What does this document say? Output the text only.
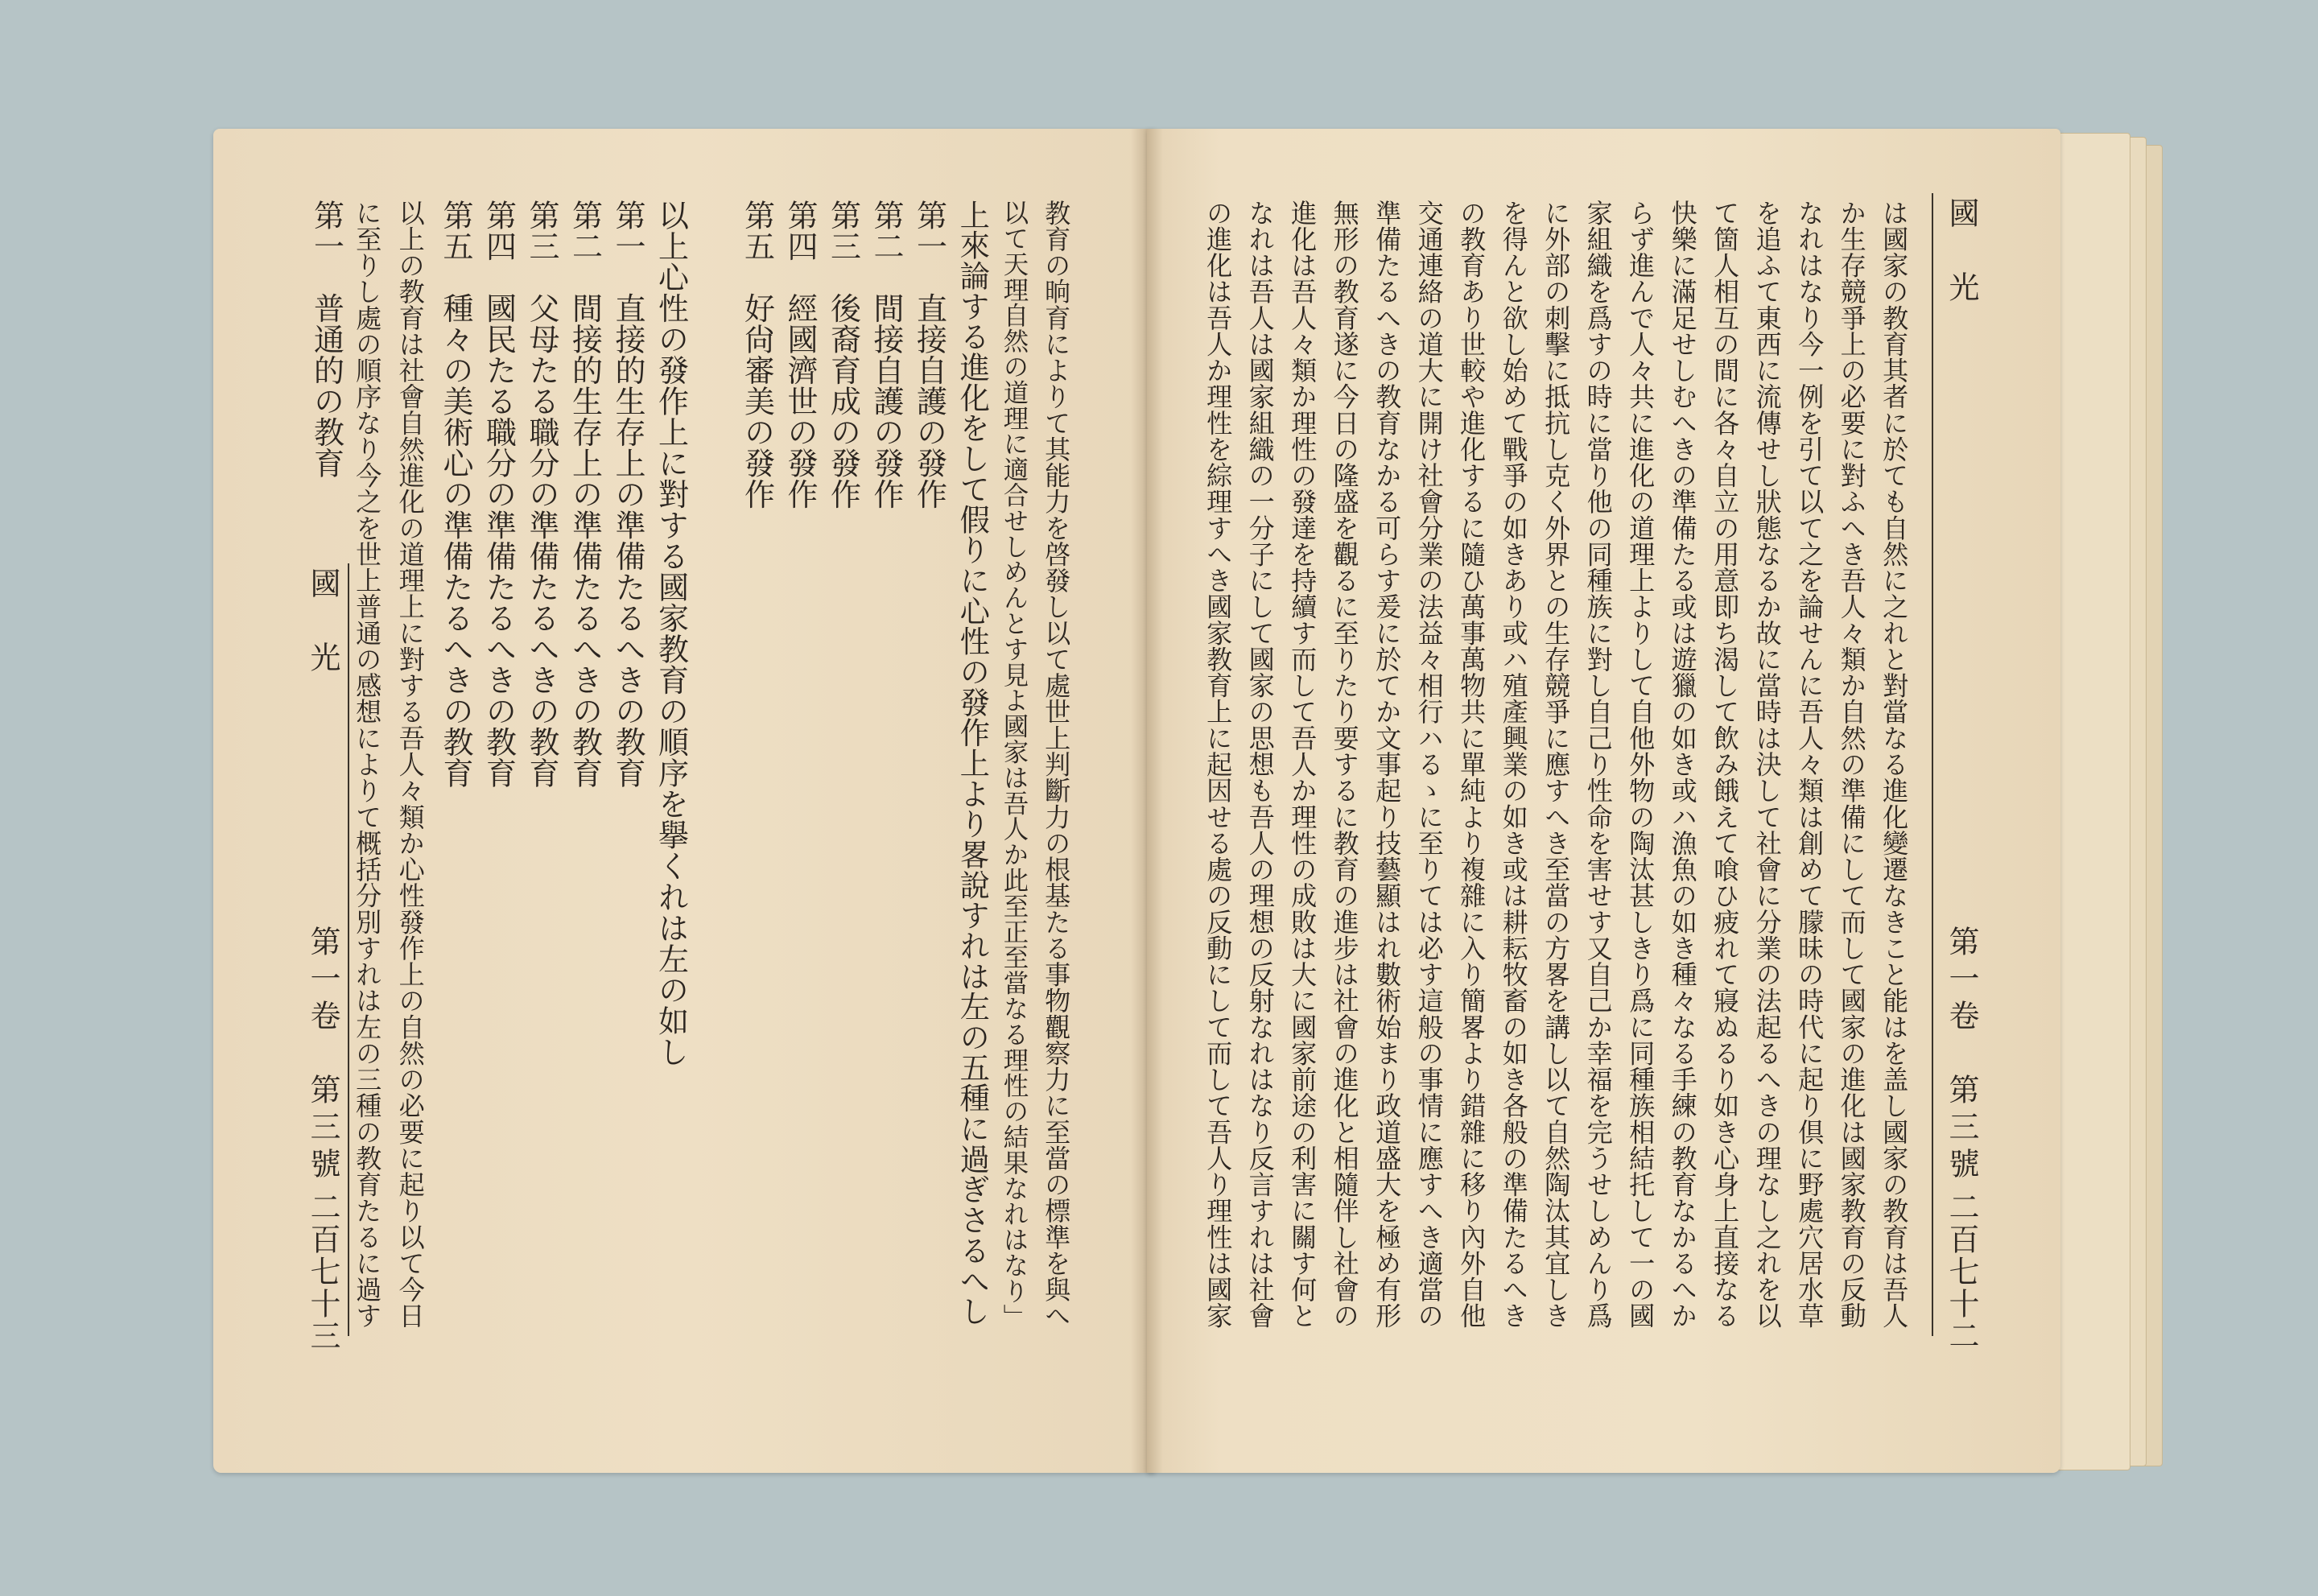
國　光
第一卷　第三號
二百七十二
國　光
第一卷　第三號
二百七十三	は國家の教育其者に於ても自然に之れと對當なる進化變遷なきこと能はを盖し國家の教育は吾人
か生存競爭上の必要に對ふへき吾人々類か自然の準備にして而して國家の進化は國家教育の反動
なれはなり今一例を引て以て之を論せんに吾人々類は創めて朦昧の時代に起り倶に野處穴居水草
を追ふて東西に流傳せし狀態なるか故に當時は決して社會に分業の法起るへきの理なし之れを以
て箇人相互の間に各々自立の用意即ち渴して飲み餓えて喰ひ疲れて寢ぬるり如き心身上直接なる
快樂に滿足せしむへきの準備たる或は遊獵の如き或ハ漁魚の如き種々なる手練の教育なかるへか
らず進んで人々共に進化の道理上よりして自他外物の陶汰甚しきり爲に同種族相結托して一の國
家組織を爲すの時に當り他の同種族に對し自己り性命を害せす又自己か幸福を完うせしめんり爲
に外部の刺擊に抵抗し克く外界との生存競爭に應すへき至當の方畧を講し以て自然陶汰其宜しき
を得んと欲し始めて戰爭の如きあり或ハ殖產興業の如き或は耕耘牧畜の如き各般の準備たるへき
の教育あり世較や進化するに隨ひ萬事萬物共に單純より複雜に入り簡畧より錯雜に移り內外自他
交通連絡の道大に開け社會分業の法益々相行ハるゝに至りては必す這般の事情に應すへき適當の
準備たるへきの教育なかる可らす爰に於てか文事起り技藝顯はれ數術始まり政道盛大を極め有形
無形の教育遂に今日の隆盛を觀るに至りたり要するに教育の進步は社會の進化と相隨伴し社會の
進化は吾人々類か理性の發達を持續す而して吾人か理性の成敗は大に國家前途の利害に關す何と
なれは吾人は國家組織の一分子にして國家の思想も吾人の理想の反射なれはなり反言すれは社會
の進化は吾人か理性を綜理すへき國家教育上に起因せる處の反動にして而して吾人り理性は國家
教育の晌育によりて其能力を啓發し以て處世上判斷力の根基たる事物觀察力に至當の標準を與へ
以て天理自然の道理に適合せしめんとす見よ國家は吾人か此至正至當なる理性の結果なれはなり」
上來論する進化をして假りに心性の發作上より畧說すれは左の五種に過ぎさるへし
第一　直接自護の發作
第二　間接自護の發作
第三　後裔育成の發作
第四　經國濟世の發作
第五　好尙審美の發作
以上心性の發作上に對する國家教育の順序を擧くれは左の如し
第一　直接的生存上の準備たるへきの教育
第二　間接的生存上の準備たるへきの教育
第三　父母たる職分の準備たるへきの教育
第四　國民たる職分の準備たるへきの教育
第五　種々の美術心の準備たるへきの教育
以上の教育は社會自然進化の道理上に對する吾人々類か心性發作上の自然の必要に起り以て今日
に至りし處の順序なり今之を世上普通の感想によりて概括分別すれは左の三種の教育たるに過す
第一　普通的の教育
